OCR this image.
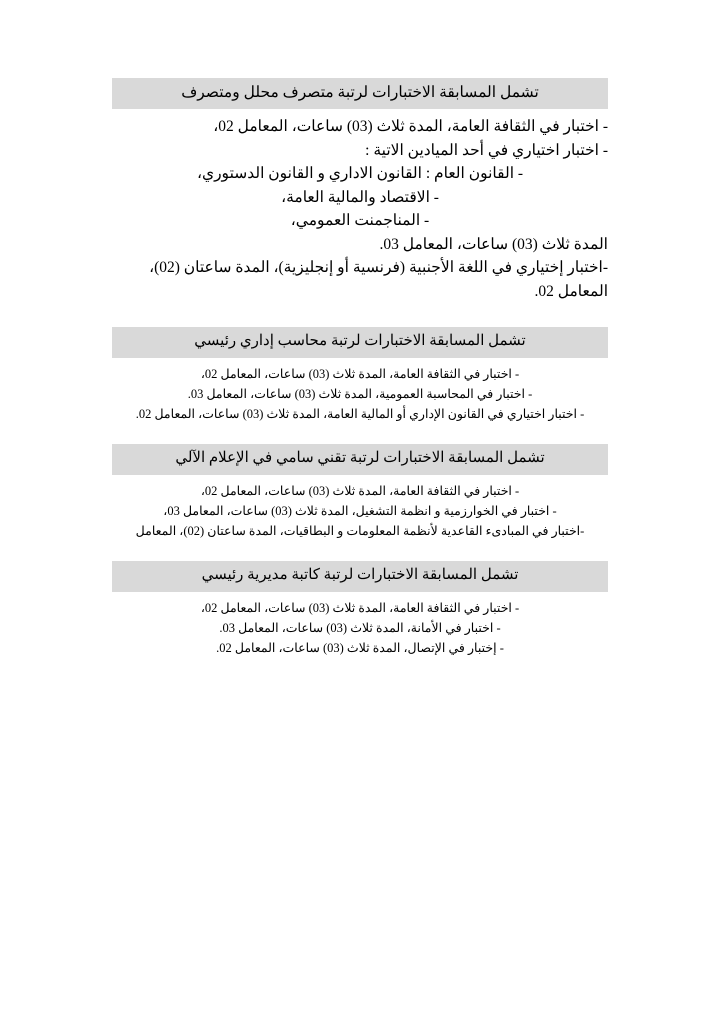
تشمل المسابقة الاختبارات لرتبة متصرف محلل ومتصرف

- اختبار في الثقافة العامة، المدة ثلاث (03) ساعات، المعامل 02،

- اختبار اختياري في أحد الميادين الاتية :

- القانون العام : القانون الاداري و القانون الدستوري،

- الاقتصاد والمالية العامة،

- المناجمنت العمومي،

المدة ثلاث (03) ساعات، المعامل 03.

-اختبار إختياري في اللغة الأجنبية (فرنسية أو إنجليزية)، المدة ساعتان (02)، المعامل 02.

تشمل المسابقة الاختبارات لرتبة محاسب إداري رئيسي

- اختبار في الثقافة العامة، المدة ثلاث (03) ساعات، المعامل 02،

- اختبار في المحاسبة العمومية، المدة ثلاث (03) ساعات، المعامل 03.

- اختبار اختياري في القانون الإداري أو المالية العامة، المدة ثلاث (03) ساعات، المعامل 02.

تشمل المسابقة الاختبارات لرتبة تقني سامي في الإعلام الآلي

- اختبار في الثقافة العامة، المدة ثلاث (03) ساعات، المعامل 02،

- اختبار في الخوارزمية و انظمة التشغيل، المدة ثلاث (03) ساعات، المعامل 03،

-اختبار في المبادىء القاعدية لأنظمة المعلومات و البطاقيات، المدة ساعتان (02)، المعامل

تشمل المسابقة الاختبارات لرتبة كاتبة مديرية رئيسي

- اختبار في الثقافة العامة، المدة ثلاث (03) ساعات، المعامل 02،

- اختبار في الأمانة، المدة ثلاث (03) ساعات، المعامل 03.

- إختبار في الإتصال، المدة ثلاث (03) ساعات، المعامل 02.
